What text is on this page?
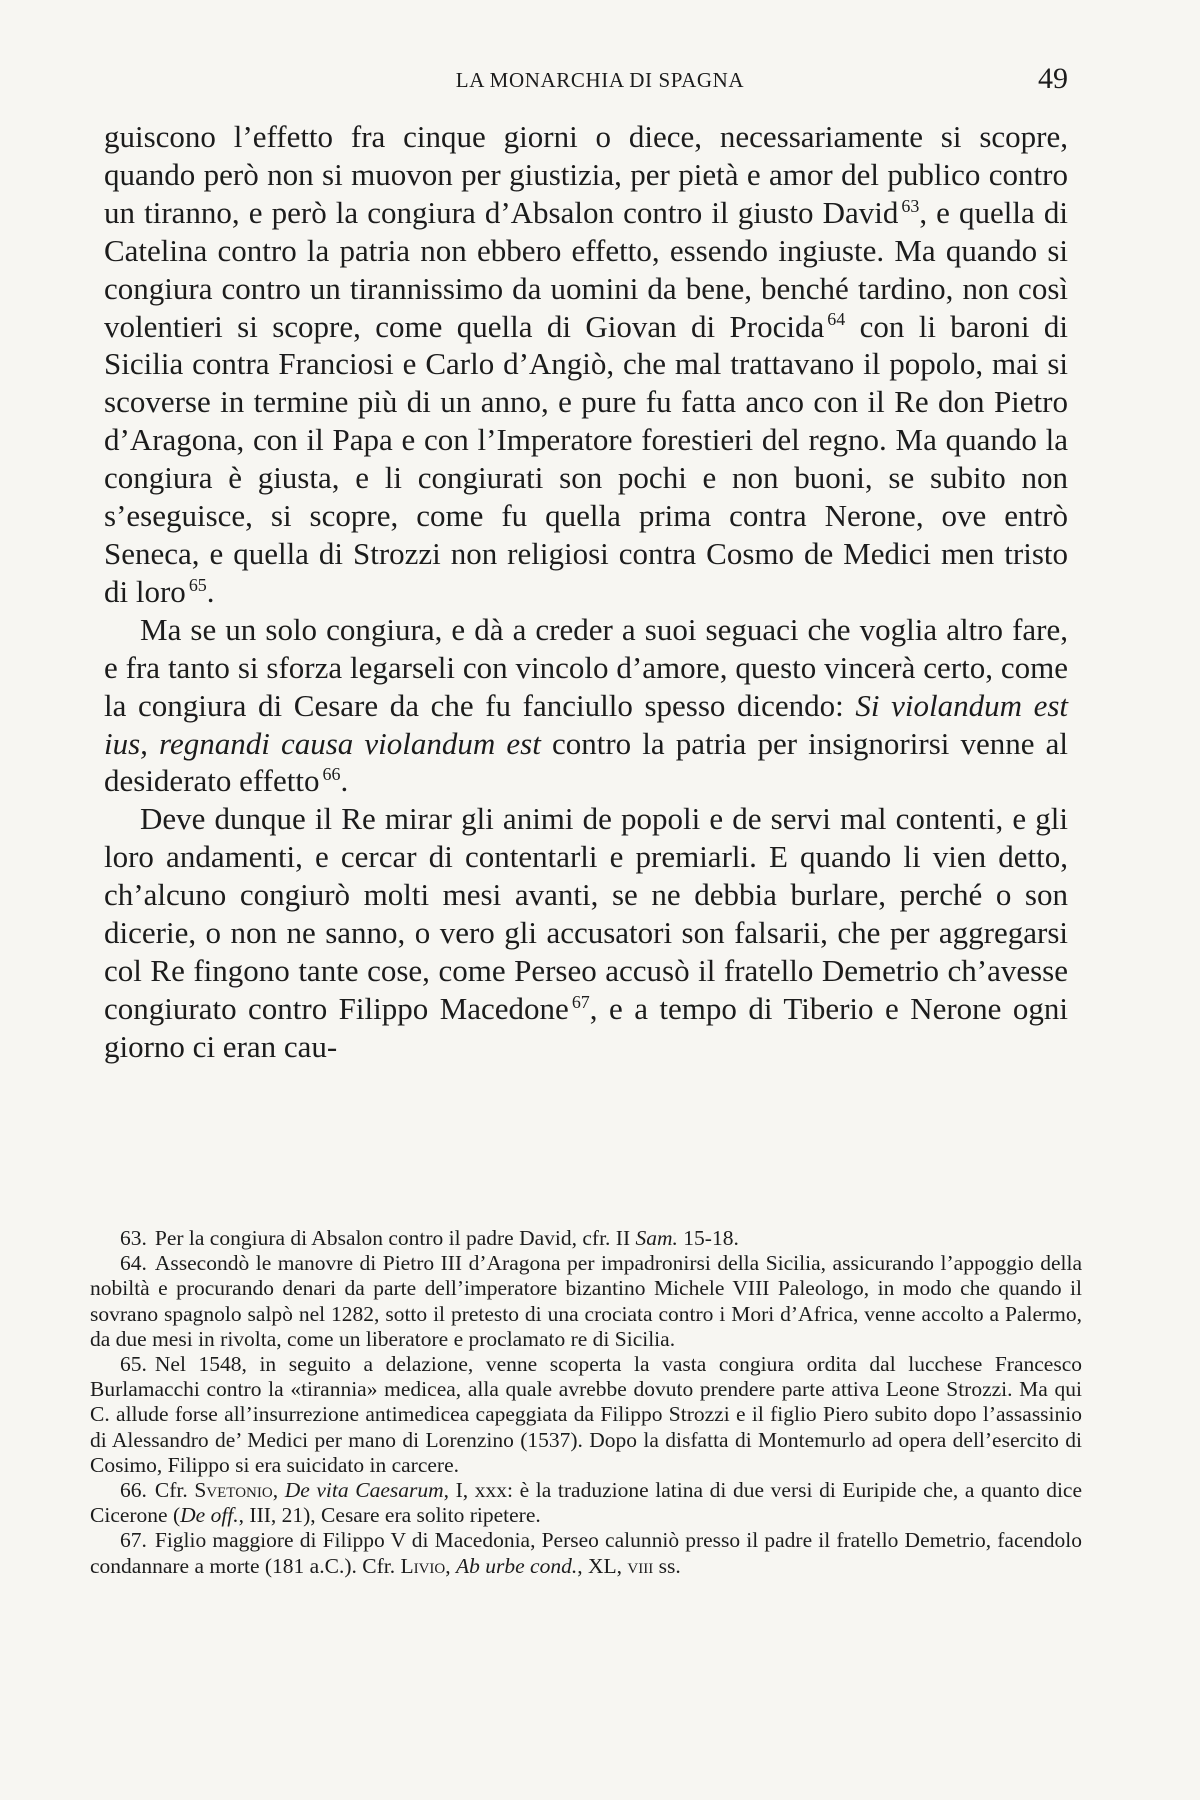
LA MONARCHIA DI SPAGNA	49

guiscono l’effetto fra cinque giorni o diece, necessariamente si scopre, quando però non si muovon per giustizia, per pietà e amor del publico contro un tiranno, e però la congiura d’Absalon contro il giusto David $^{63}$, e quella di Catelina contro la patria non ebbero effetto, essendo ingiuste. Ma quando si congiura contro un tirannissimo da uomini da bene, benché tardino, non così volentieri si scopre, come quella di Giovan di Procida $^{64}$ con li baroni di Sicilia contra Franciosi e Carlo d’Angiò, che mal trattavano il popolo, mai si scoverse in termine più di un anno, e pure fu fatta anco con il Re don Pietro d’Aragona, con il Papa e con l’Imperatore forestieri del regno. Ma quando la congiura è giusta, e li congiurati son pochi e non buoni, se subito non s’eseguisce, si scopre, come fu quella prima contra Nerone, ove entrò Seneca, e quella di Strozzi non religiosi contra Cosmo de Medici men tristo di loro $^{65}$.

Ma se un solo congiura, e dà a creder a suoi seguaci che voglia altro fare, e fra tanto si sforza legarseli con vincolo d’amore, questo vincerà certo, come la congiura di Cesare da che fu fanciullo spesso dicendo: Si violandum est ius, regnandi causa violandum est contro la patria per insignorirsi venne al desiderato effetto $^{66}$.

Deve dunque il Re mirar gli animi de popoli e de servi mal contenti, e gli loro andamenti, e cercar di contentarli e premiarli. E quando li vien detto, ch’alcuno congiurò molti mesi avanti, se ne debbia burlare, perché o son dicerie, o non ne sanno, o vero gli accusatori son falsarii, che per aggregarsi col Re fingono tante cose, come Perseo accusò il fratello Demetrio ch’avesse congiurato contro Filippo Macedone $^{67}$, e a tempo di Tiberio e Nerone ogni giorno ci eran cau-

63. Per la congiura di Absalon contro il padre David, cfr. II Sam. 15-18.

64. Assecondò le manovre di Pietro III d’Aragona per impadronirsi della Sicilia, assicurando l’appoggio della nobiltà e procurando denari da parte dell’imperatore bizantino Michele VIII Paleologo, in modo che quando il sovrano spagnolo salpò nel 1282, sotto il pretesto di una crociata contro i Mori d’Africa, venne accolto a Palermo, da due mesi in rivolta, come un liberatore e proclamato re di Sicilia.

65. Nel 1548, in seguito a delazione, venne scoperta la vasta congiura ordita dal lucchese Francesco Burlamacchi contro la «tirannia» medicea, alla quale avrebbe dovuto prendere parte attiva Leone Strozzi. Ma qui C. allude forse all’insurrezione antimedicea capeggiata da Filippo Strozzi e il figlio Piero subito dopo l’assassinio di Alessandro de’ Medici per mano di Lorenzino (1537). Dopo la disfatta di Montemurlo ad opera dell’esercito di Cosimo, Filippo si era suicidato in carcere.

66. Cfr. Svetonio, De vita Caesarum, I, xxx: è la traduzione latina di due versi di Euripide che, a quanto dice Cicerone (De off., III, 21), Cesare era solito ripetere.

67. Figlio maggiore di Filippo V di Macedonia, Perseo calunniò presso il padre il fratello Demetrio, facendolo condannare a morte (181 a.C.). Cfr. Livio, Ab urbe cond., XL, viii ss.
